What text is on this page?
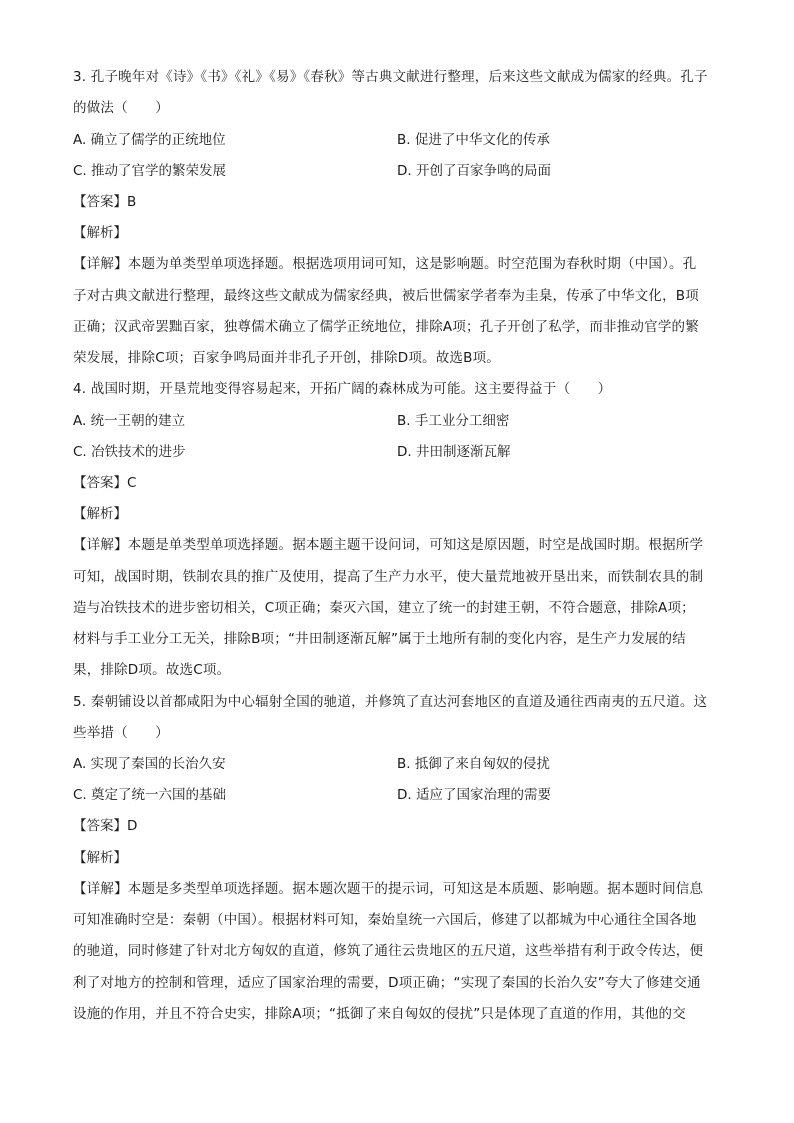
3. 孔子晚年对《诗》《书》《礼》《易》《春秋》等古典文献进行整理，后来这些文献成为儒家的经典。孔子
的做法（　　）
A. 确立了儒学的正统地位	B. 促进了中华文化的传承
C. 推动了官学的繁荣发展	D. 开创了百家争鸣的局面
【答案】B
【解析】
【详解】本题为单类型单项选择题。根据选项用词可知，这是影响题。时空范围为春秋时期（中国）。孔
子对古典文献进行整理，最终这些文献成为儒家经典，被后世儒家学者奉为圭臬，传承了中华文化，B项
正确；汉武帝罢黜百家，独尊儒术确立了儒学正统地位，排除A项；孔子开创了私学，而非推动官学的繁
荣发展，排除C项；百家争鸣局面并非孔子开创，排除D项。故选B项。
4. 战国时期，开垦荒地变得容易起来，开拓广阔的森林成为可能。这主要得益于（　　）
A. 统一王朝的建立	B. 手工业分工细密
C. 冶铁技术的进步	D. 井田制逐渐瓦解
【答案】C
【解析】
【详解】本题是单类型单项选择题。据本题主题干设问词，可知这是原因题，时空是战国时期。根据所学
可知，战国时期，铁制农具的推广及使用，提高了生产力水平，使大量荒地被开垦出来，而铁制农具的制
造与冶铁技术的进步密切相关，C项正确；秦灭六国，建立了统一的封建王朝，不符合题意，排除A项；
材料与手工业分工无关，排除B项；“井田制逐渐瓦解”属于土地所有制的变化内容，是生产力发展的结
果，排除D项。故选C项。
5. 秦朝铺设以首都咸阳为中心辐射全国的驰道，并修筑了直达河套地区的直道及通往西南夷的五尺道。这
些举措（　　）
A. 实现了秦国的长治久安	B. 抵御了来自匈奴的侵扰
C. 奠定了统一六国的基础	D. 适应了国家治理的需要
【答案】D
【解析】
【详解】本题是多类型单项选择题。据本题次题干的提示词，可知这是本质题、影响题。据本题时间信息
可知准确时空是：秦朝（中国）。根据材料可知，秦始皇统一六国后，修建了以都城为中心通往全国各地
的驰道，同时修建了针对北方匈奴的直道，修筑了通往云贵地区的五尺道，这些举措有利于政令传达，便
利了对地方的控制和管理，适应了国家治理的需要，D项正确；“实现了秦国的长治久安”夸大了修建交通
设施的作用，并且不符合史实，排除A项；“抵御了来自匈奴的侵扰”只是体现了直道的作用，其他的交
